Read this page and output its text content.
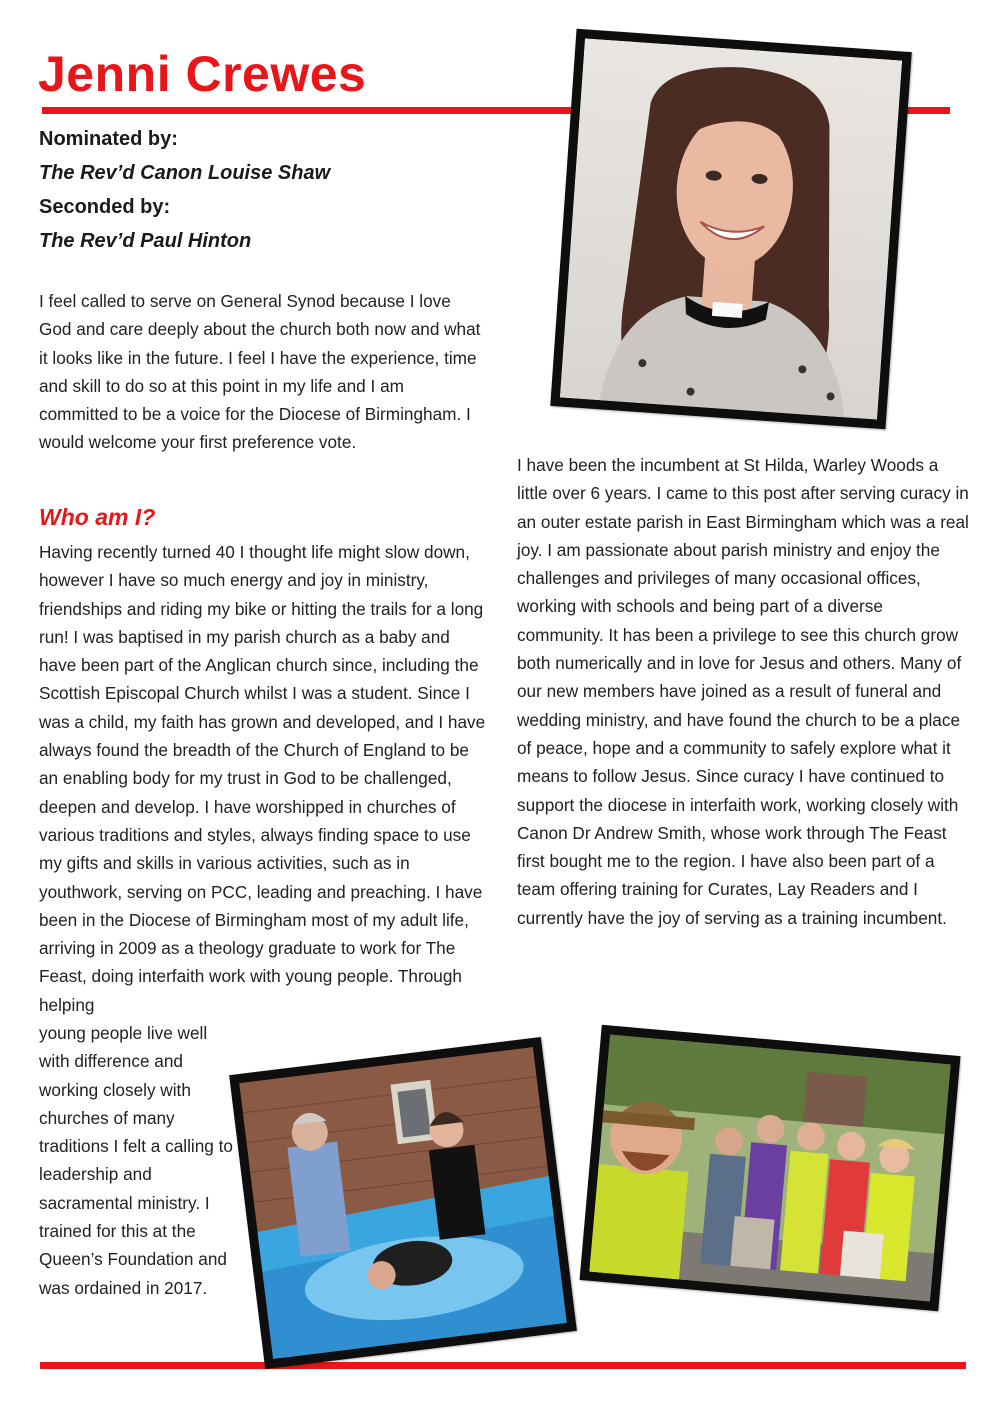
Jenni Crewes
Nominated by:
The Rev’d Canon Louise Shaw
Seconded by:
The Rev’d Paul Hinton

I feel called to serve on General Synod because I love God and care deeply about the church both now and what it looks like in the future. I feel I have the experience, time and skill to do so at this point in my life and I am committed to be a voice for the Diocese of Birmingham. I would welcome your first preference vote.

Who am I?

Having recently turned 40 I thought life might slow down, however I have so much energy and joy in ministry, friendships and riding my bike or hitting the trails for a long run! I was baptised in my parish church as a baby and have been part of the Anglican church since, including the Scottish Episcopal Church whilst I was a student. Since I was a child, my faith has grown and developed, and I have always found the breadth of the Church of England to be an enabling body for my trust in God to be challenged, deepen and develop. I have worshipped in churches of various traditions and styles, always finding space to use my gifts and skills in various activities, such as in youthwork, serving on PCC, leading and preaching. I have been in the Diocese of Birmingham most of my adult life, arriving in 2009 as a theology graduate to work for The Feast, doing interfaith work with young people. Through helping

young people live well with difference and working closely with churches of many traditions I felt a calling to leadership and sacramental ministry. I trained for this at the Queen’s Foundation and was ordained in 2017.

I have been the incumbent at St Hilda, Warley Woods a little over 6 years. I came to this post after serving curacy in an outer estate parish in East Birmingham which was a real joy. I am passionate about parish ministry and enjoy the challenges and privileges of many occasional offices, working with schools and being part of a diverse community. It has been a privilege to see this church grow both numerically and in love for Jesus and others. Many of our new members have joined as a result of funeral and wedding ministry, and have found the church to be a place of peace, hope and a community to safely explore what it means to follow Jesus. Since curacy I have continued to support the diocese in interfaith work, working closely with Canon Dr Andrew Smith, whose work through The Feast first bought me to the region. I have also been part of a team offering training for Curates, Lay Readers and I currently have the joy of serving as a training incumbent.
